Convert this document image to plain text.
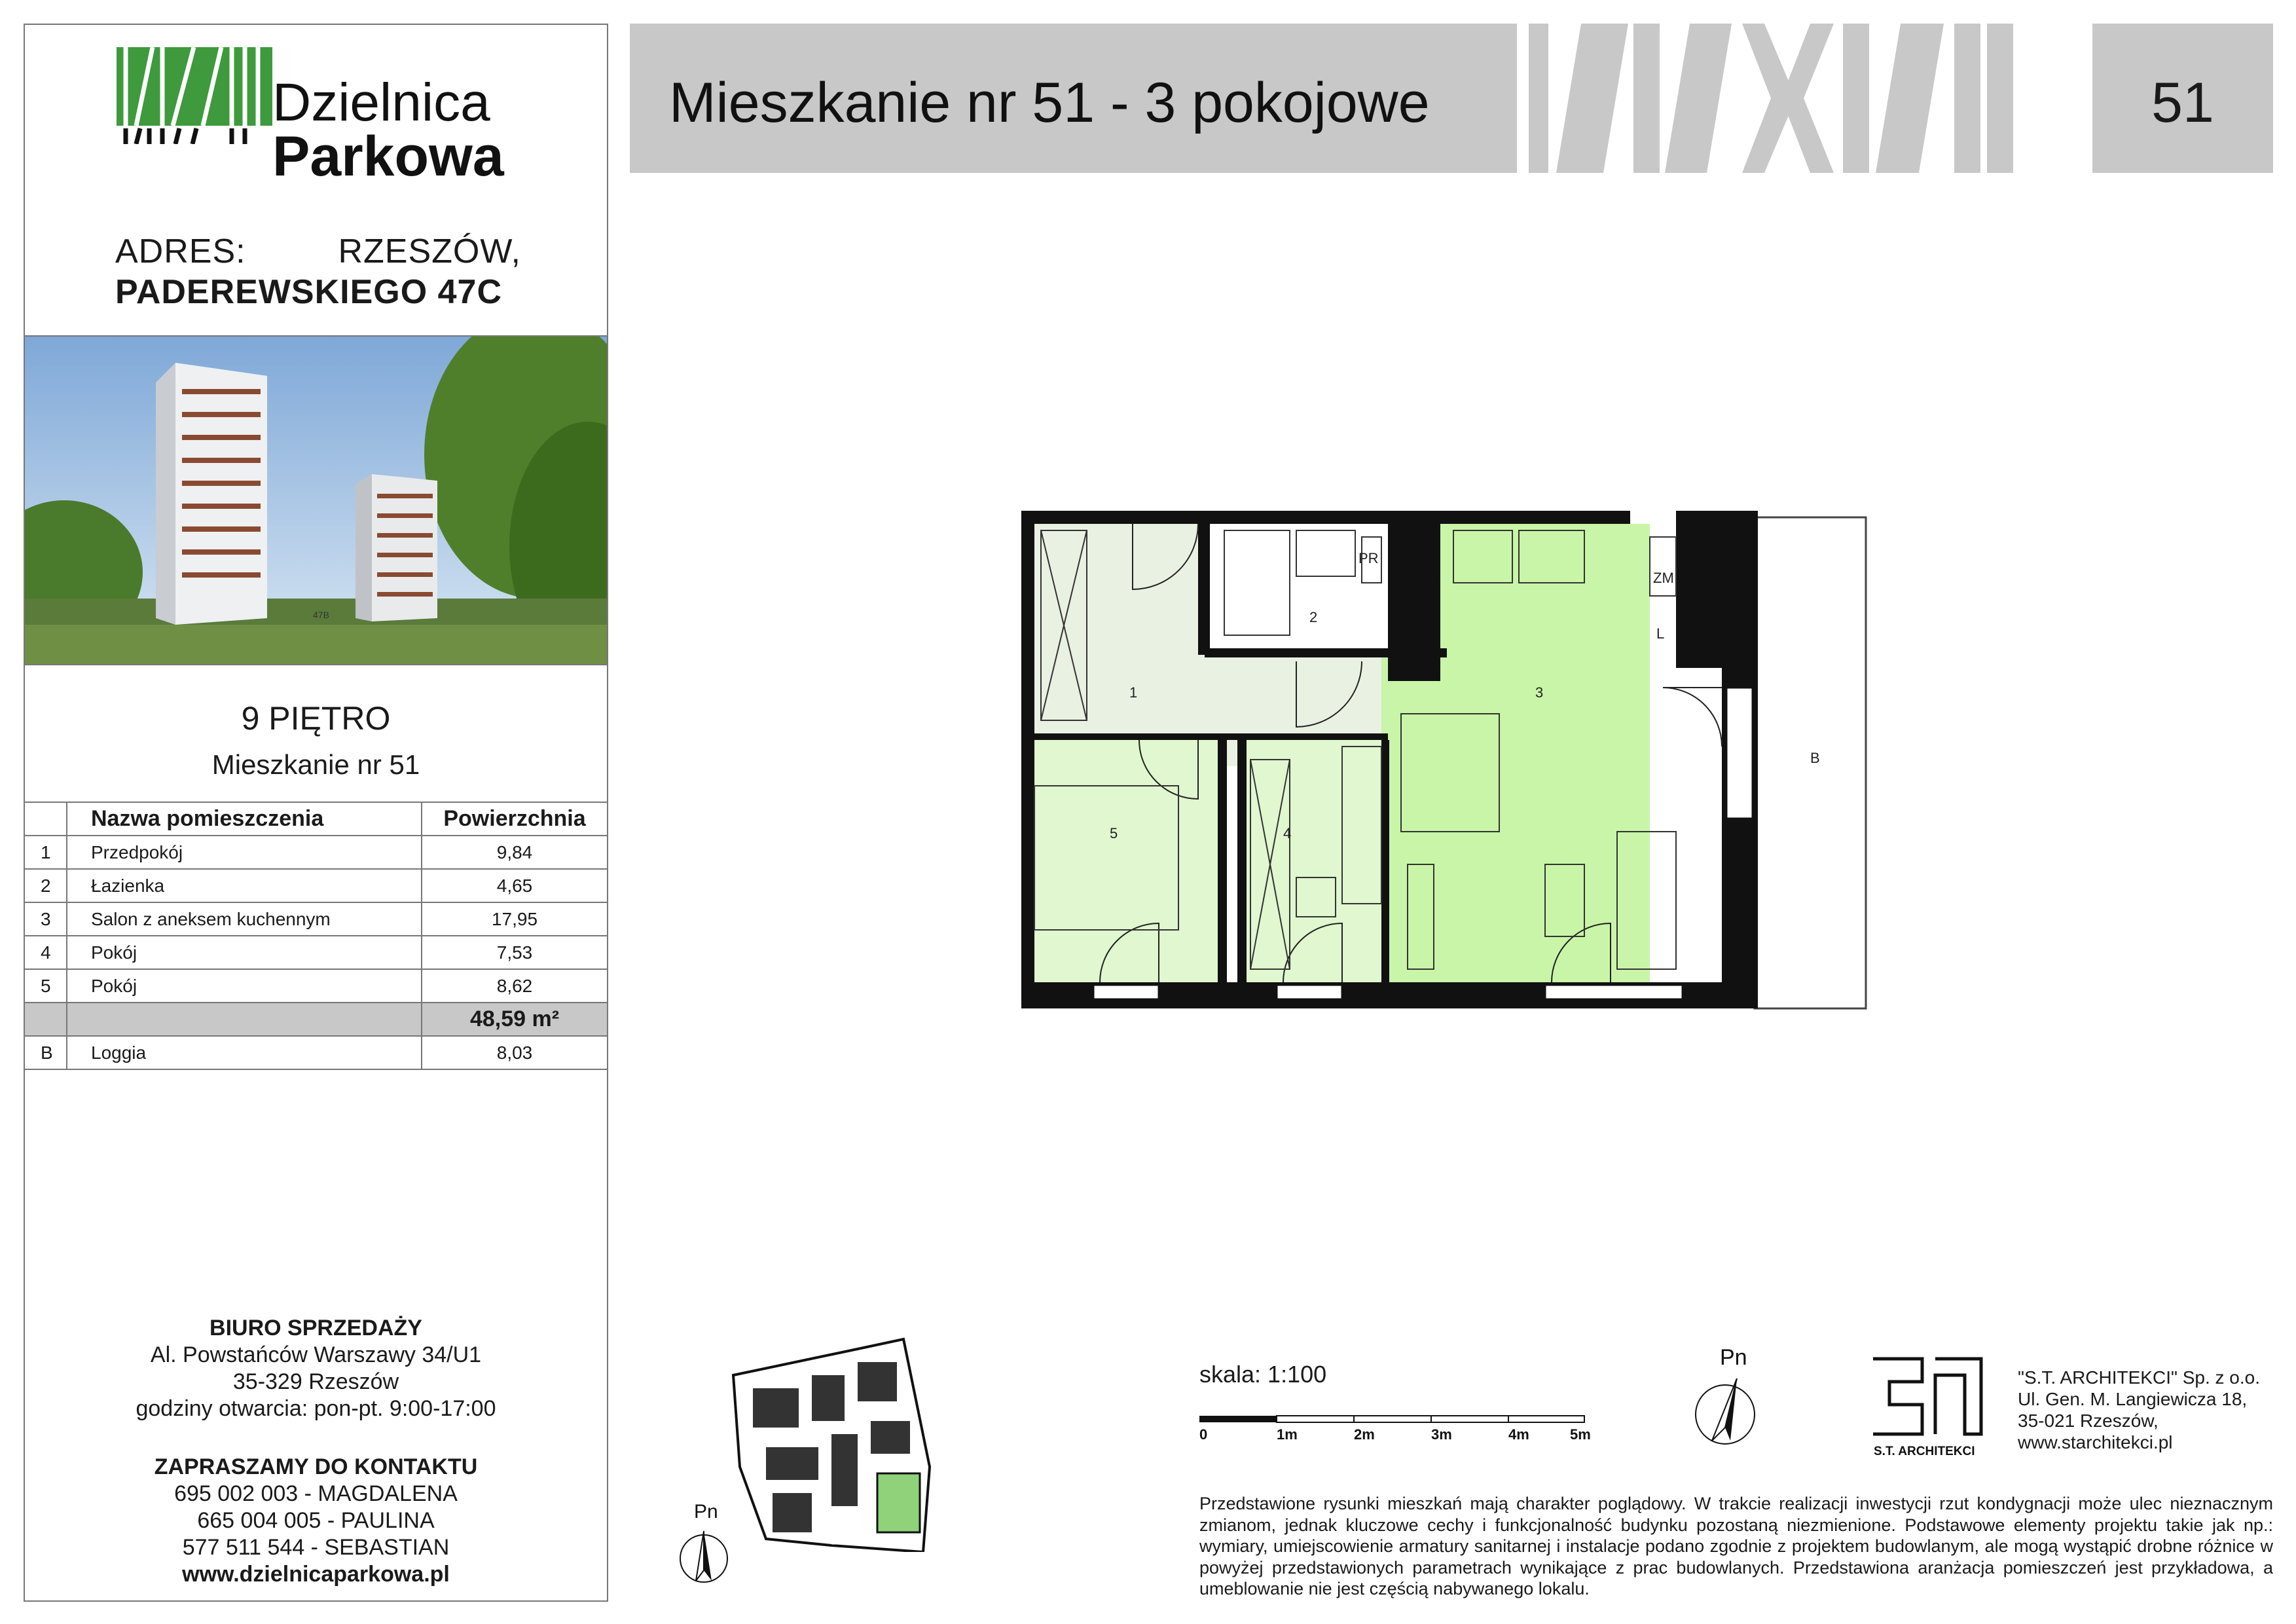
Dzielnica
Parkowa
ADRES:	RZESZÓW,
PADEREWSKIEGO 47C
47B
9 PIĘTRO
Mieszkanie nr 51
	Nazwa pomieszczenia	Powierzchnia
1	Przedpokój	9,84
2	Łazienka	4,65
3	Salon z aneksem kuchennym	17,95
4	Pokój	7,53
5	Pokój	8,62
		48,59 m²
B	Loggia	8,03
BIURO SPRZEDAŻY
Al. Powstańców Warszawy 34/U1
35-329 Rzeszów
godziny otwarcia: pon-pt. 9:00-17:00
ZAPRASZAMY DO KONTAKTU
695 002 003 - MAGDALENA
665 004 005 - PAULINA
577 511 544 - SEBASTIAN
www.dzielnicaparkowa.pl
Mieszkanie nr 51 - 3 pokojowe	51
1
2
3
4
5
B
PR
ZM
L
Pn
Pn
skala: 1:100
0	1m	2m	3m	4m	5m
S.T. ARCHITEKCI
"S.T. ARCHITEKCI" Sp. z o.o.
Ul. Gen. M. Langiewicza 18,
35-021 Rzeszów,
www.starchitekci.pl
Przedstawione rysunki mieszkań mają charakter poglądowy. W trakcie realizacji inwestycji rzut kondygnacji może ulec nieznacznym zmianom, jednak kluczowe cechy i funkcjonalność budynku pozostaną niezmienione. Podstawowe elementy projektu takie jak np.: wymiary, umiejscowienie armatury sanitarnej i instalacje podano zgodnie z projektem budowlanym, ale mogą wystąpić drobne różnice w powyżej przedstawionych parametrach wynikające z prac budowlanych. Przedstawiona aranżacja pomieszczeń jest przykładowa, a umeblowanie nie jest częścią nabywanego lokalu.
